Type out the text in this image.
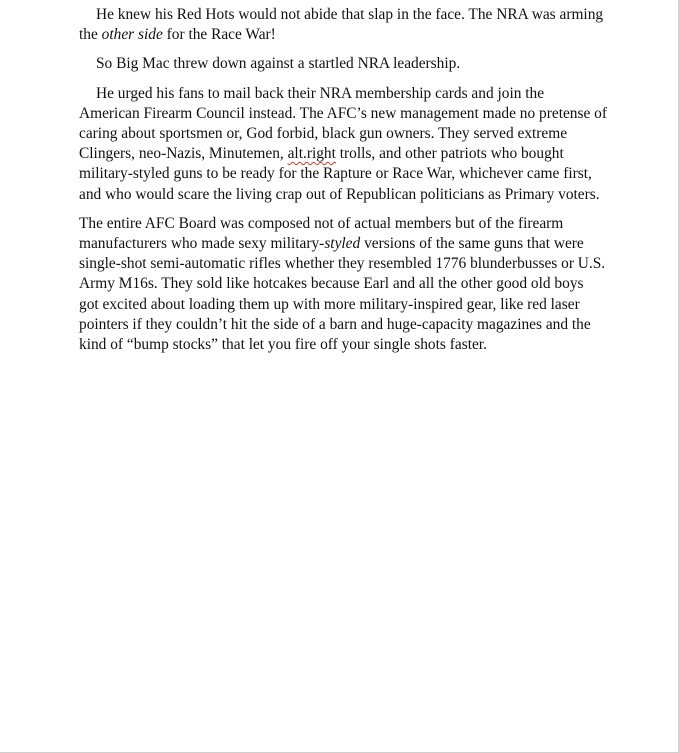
He knew his Red Hots would not abide that slap in the face. The NRA was arming the other side for the Race War!

So Big Mac threw down against a startled NRA leadership.

He urged his fans to mail back their NRA membership cards and join the American Firearm Council instead. The AFC’s new management made no pretense of caring about sportsmen or, God forbid, black gun owners. They served extreme Clingers, neo-Nazis, Minutemen, alt.right trolls, and other patriots who bought military-styled guns to be ready for the Rapture or Race War, whichever came first, and who would scare the living crap out of Republican politicians as Primary voters.

The entire AFC Board was composed not of actual members but of the firearm manufacturers who made sexy military-styled versions of the same guns that were single-shot semi-automatic rifles whether they resembled 1776 blunderbusses or U.S. Army M16s. They sold like hotcakes because Earl and all the other good old boys got excited about loading them up with more military-inspired gear, like red laser pointers if they couldn’t hit the side of a barn and huge-capacity magazines and the kind of “bump stocks” that let you fire off your single shots faster.
